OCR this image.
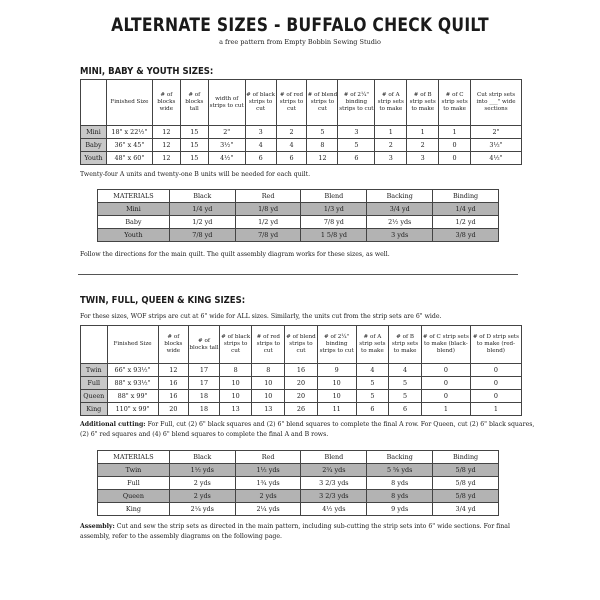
ALTERNATE SIZES - BUFFALO CHECK QUILT
a free pattern from Empty Bobbin Sewing Studio
MINI, BABY & YOUTH SIZES:
	Finished Size	# of blocks wide	# of blocks tall	width of strips to cut	# of black strips to cut	# of red strips to cut	# of blend strips to cut	# of 2¼" binding strips to cut	# of A strip sets to make	# of B strip sets to make	# of C strip sets to make	Cut strip sets into ___" wide sections
Mini	18" x 22½"	12	15	2"	3	2	5	3	1	1	1	2"
Baby	36" x 45"	12	15	3½"	4	4	8	5	2	2	0	3½"
Youth	48" x 60"	12	15	4½"	6	6	12	6	3	3	0	4½"
Twenty-four A units and twenty-one B units will be needed for each quilt.
MATERIALS	Black	Red	Blend	Backing	Binding
Mini	1/4 yd	1/8 yd	1/3 yd	3/4 yd	1/4 yd
Baby	1/2 yd	1/2 yd	7/8 yd	2½ yds	1/2 yd
Youth	7/8 yd	7/8 yd	1 5/8 yd	3 yds	3/8 yd
Follow the directions for the main quilt. The quilt assembly diagram works for these sizes, as well.
TWIN, FULL, QUEEN & KING SIZES:
For these sizes, WOF strips are cut at 6" wide for ALL sizes. Similarly, the units cut from the strip sets are 6" wide.
	Finished Size	# of blocks wide	# of blocks tall	# of black strips to cut	# of red strips to cut	# of blend strips to cut	# of 2¼" binding strips to cut	# of A strip sets to make	# of B strip sets to make	# of C strip sets to make (black-blend)	# of D strip sets to make (red-blend)
Twin	66" x 93½"	12	17	8	8	16	9	4	4	0	0
Full	88" x 93½"	16	17	10	10	20	10	5	5	0	0
Queen	88" x 99"	16	18	10	10	20	10	5	5	0	0
King	110" x 99"	20	18	13	13	26	11	6	6	1	1
Additional cutting: For Full, cut (2) 6" black squares and (2) 6" blend squares to complete the final A row. For Queen, cut (2) 6" black squares, (2) 6" red squares and (4) 6" blend squares to complete the final A and B rows.
MATERIALS	Black	Red	Blend	Backing	Binding
Twin	1½ yds	1½ yds	2¾ yds	5 ⅝ yds	5/8 yd
Full	2 yds	1¾ yds	3 2/3 yds	8 yds	5/8 yd
Queen	2 yds	2 yds	3 2/3 yds	8 yds	5/8 yd
King	2¼ yds	2¼ yds	4½ yds	9 yds	3/4 yd
Assembly: Cut and sew the strip sets as directed in the main pattern, including sub-cutting the strip sets into 6" wide sections. For final assembly, refer to the assembly diagrams on the following page.
